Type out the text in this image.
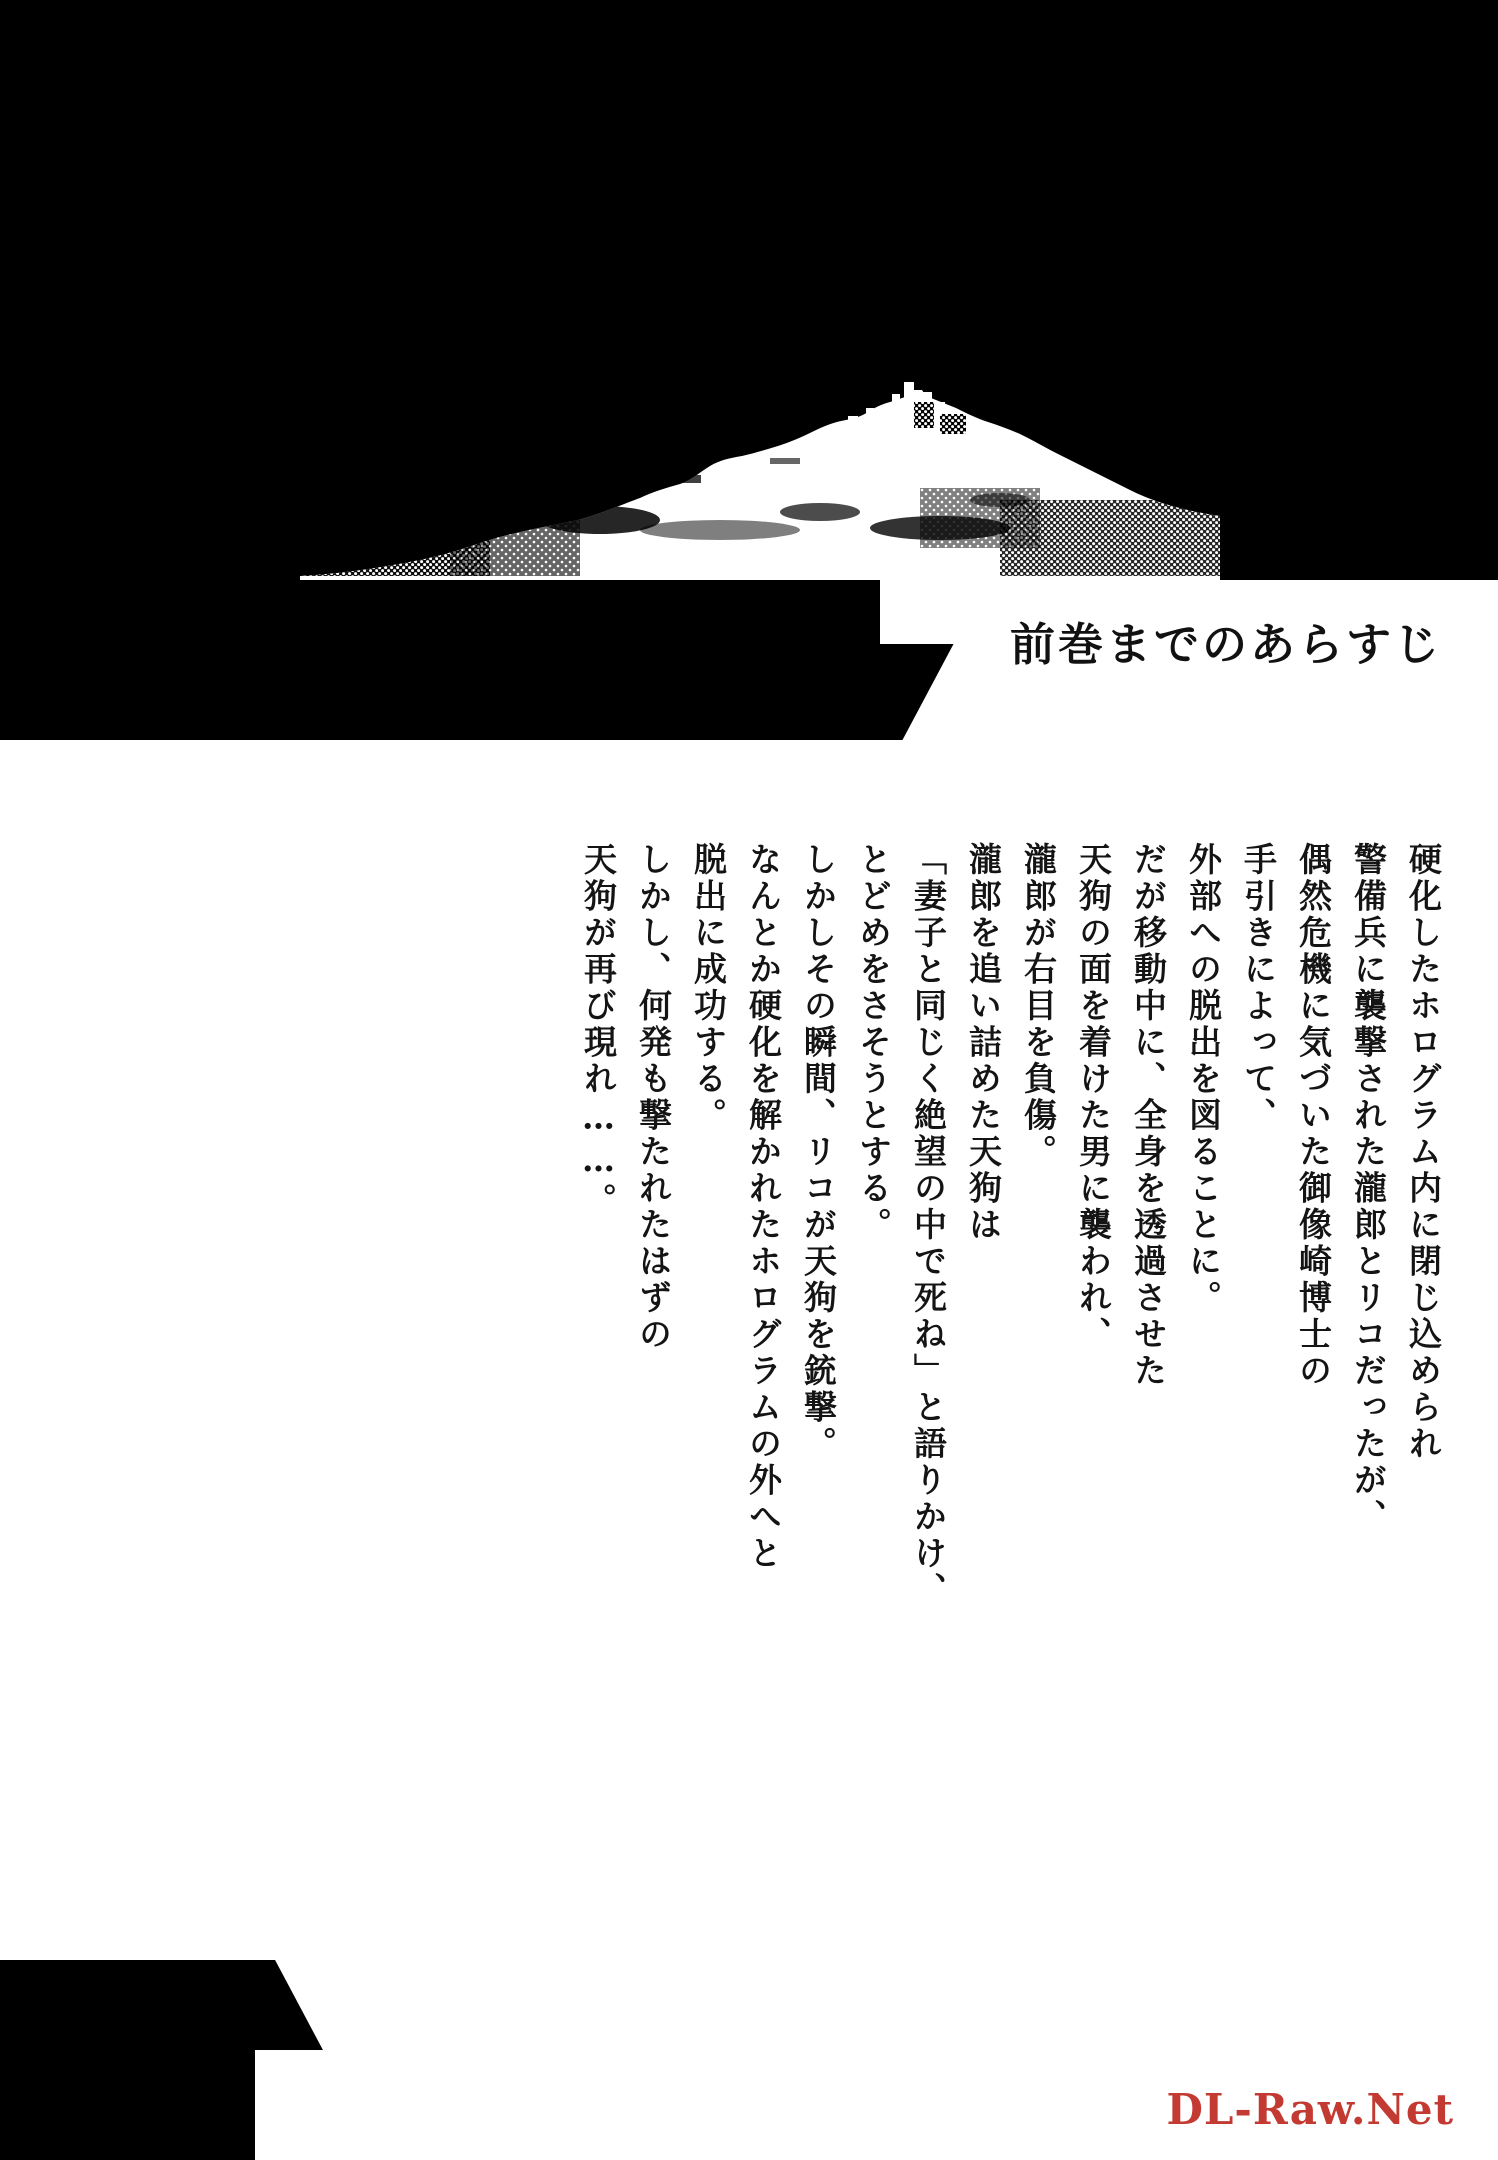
前巻までのあらすじ
硬化したホログラム内に閉じ込められ
警備兵に襲撃された瀧郎とリコだったが、
偶然危機に気づいた御像崎博士の
手引きによって、
外部への脱出を図ることに。
だが移動中に、全身を透過させた
天狗の面を着けた男に襲われ、
瀧郎が右目を負傷。
瀧郎を追い詰めた天狗は
「妻子と同じく絶望の中で死ね」と語りかけ、
とどめをさそうとする。
しかしその瞬間、リコが天狗を銃撃。
なんとか硬化を解かれたホログラムの外へと
脱出に成功する。
しかし、何発も撃たれたはずの
天狗が再び現れ……。
DL-Raw.Net
